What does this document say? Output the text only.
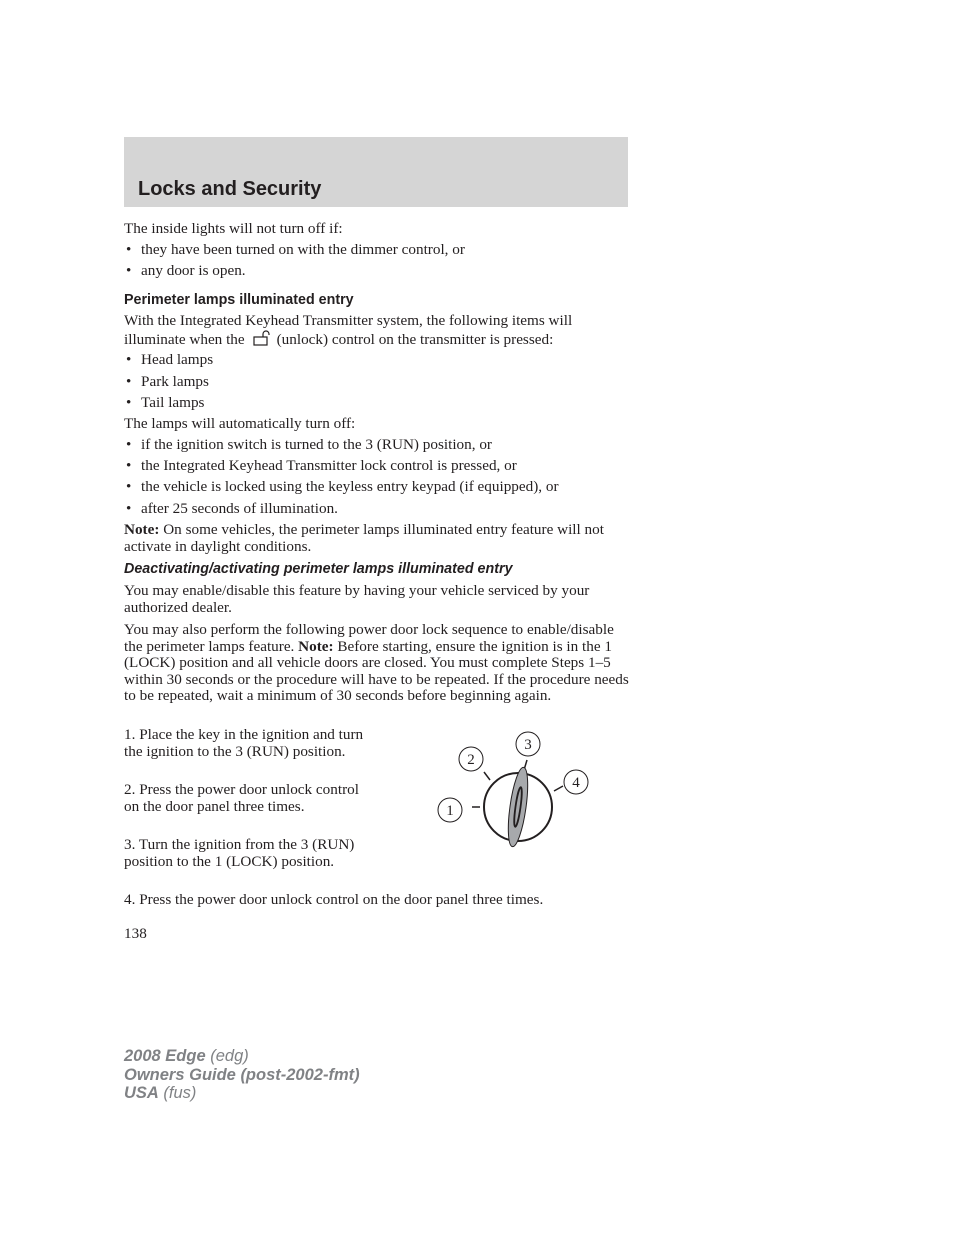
Locks and Security

The inside lights will not turn off if:

• they have been turned on with the dimmer control, or
• any door is open.
Perimeter lamps illuminated entry

With the Integrated Keyhead Transmitter system, the following items will
illuminate when the (unlock) control on the transmitter is pressed:

• Head lamps
• Park lamps
• Tail lamps

The lamps will automatically turn off:

• if the ignition switch is turned to the 3 (RUN) position, or
• the Integrated Keyhead Transmitter lock control is pressed, or
• the vehicle is locked using the keyless entry keypad (if equipped), or
• after 25 seconds of illumination.

Note: On some vehicles, the perimeter lamps illuminated entry feature will not activate in daylight conditions.

Deactivating/activating perimeter lamps illuminated entry

You may enable/disable this feature by having your vehicle serviced by your authorized dealer.

You may also perform the following power door lock sequence to enable/disable the perimeter lamps feature. Note: Before starting, ensure the ignition is in the 1 (LOCK) position and all vehicle doors are closed. You must complete Steps 1–5 within 30 seconds or the procedure will have to be repeated. If the procedure needs to be repeated, wait a minimum of 30 seconds before beginning again.

1. Place the key in the ignition and turn the ignition to the 3 (RUN) position.

2. Press the power door unlock control on the door panel three times.

3. Turn the ignition from the 3 (RUN) position to the 1 (LOCK) position.

4. Press the power door unlock control on the door panel three times.

1
2
3
4
138
2008 Edge (edg)
Owners Guide (post-2002-fmt)
USA (fus)
